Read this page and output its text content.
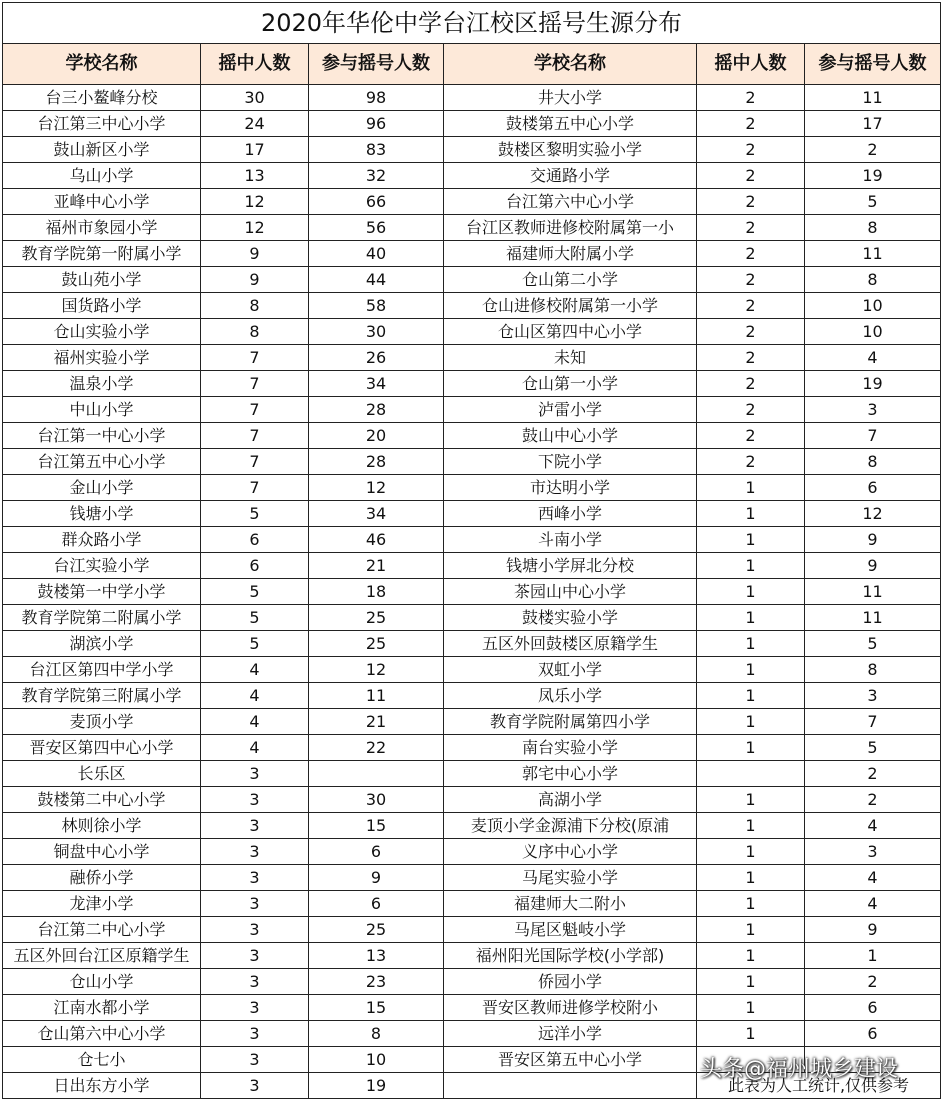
2020年华伦中学台江校区摇号生源分布					
学校名称	摇中人数	参与摇号人数	学校名称	摇中人数	参与摇号人数
台三小鳌峰分校	30	98	井大小学	2	11
台江第三中心小学	24	96	鼓楼第五中心小学	2	17
鼓山新区小学	17	83	鼓楼区黎明实验小学	2	2
乌山小学	13	32	交通路小学	2	19
亚峰中心小学	12	66	台江第六中心小学	2	5
福州市象园小学	12	56	台江区教师进修校附属第一小	2	8
教育学院第一附属小学	9	40	福建师大附属小学	2	11
鼓山苑小学	9	44	仓山第二小学	2	8
国货路小学	8	58	仓山进修校附属第一小学	2	10
仓山实验小学	8	30	仓山区第四中心小学	2	10
福州实验小学	7	26	未知	2	4
温泉小学	7	34	仓山第一小学	2	19
中山小学	7	28	泸雷小学	2	3
台江第一中心小学	7	20	鼓山中心小学	2	7
台江第五中心小学	7	28	下院小学	2	8
金山小学	7	12	市达明小学	1	6
钱塘小学	5	34	西峰小学	1	12
群众路小学	6	46	斗南小学	1	9
台江实验小学	6	21	钱塘小学屏北分校	1	9
鼓楼第一中学小学	5	18	茶园山中心小学	1	11
教育学院第二附属小学	5	25	鼓楼实验小学	1	11
湖滨小学	5	25	五区外回鼓楼区原籍学生	1	5
台江区第四中学小学	4	12	双虹小学	1	8
教育学院第三附属小学	4	11	凤乐小学	1	3
麦顶小学	4	21	教育学院附属第四小学	1	7
晋安区第四中心小学	4	22	南台实验小学	1	5
长乐区	3		郭宅中心小学		2
鼓楼第二中心小学	3	30	高湖小学	1	2
林则徐小学	3	15	麦顶小学金源浦下分校(原浦	1	4
铜盘中心小学	3	6	义序中心小学	1	3
融侨小学	3	9	马尾实验小学	1	4
龙津小学	3	6	福建师大二附小	1	4
台江第二中心小学	3	25	马尾区魁岐小学	1	9
五区外回台江区原籍学生	3	13	福州阳光国际学校(小学部)	1	1
仓山小学	3	23	侨园小学	1	2
江南水都小学	3	15	晋安区教师进修学校附小	1	6
仓山第六中心小学	3	8	远洋小学	1	6
仓七小	3	10	晋安区第五中心小学		
日出东方小学	3	19		此表为人工统计,仅供参考	
头条@福州城乡建设
